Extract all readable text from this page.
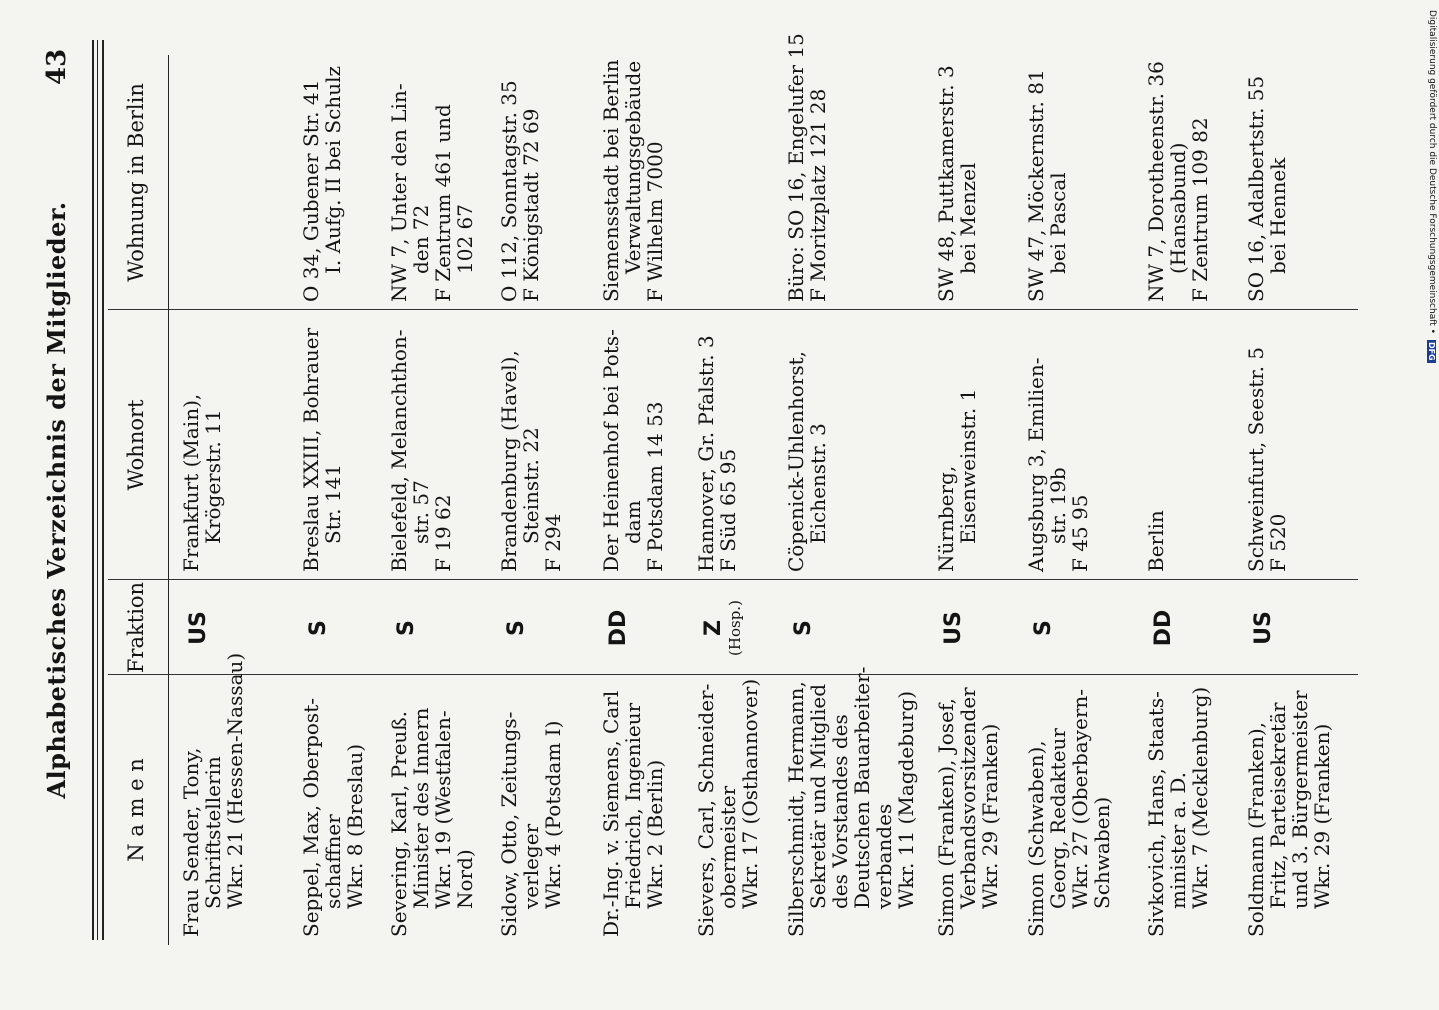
Alphabetisches Verzeichnis der Mitglieder.
43
N a m e n
Fraktion
Wohnort
Wohnung in Berlin
Frau Sender, Tony,
Schriftstellerin
Wkr. 21 (Hessen-Nassau)
US
Frankfurt (Main),
Krögerstr. 11
Seppel, Max, Oberpost-
schaffner
Wkr. 8 (Breslau)
S
Breslau XXIII, Bohrauer
Str. 141
O 34, Gubener Str. 41
I. Aufg. II bei Schulz
Severing, Karl, Preuß.
Minister des Innern
Wkr. 19 (Westfalen-
Nord)
S
Bielefeld, Melanchthon-
str. 57
F 19 62
NW 7, Unter den Lin-
den 72
F Zentrum 461 und
102 67
Sidow, Otto, Zeitungs-
verleger
Wkr. 4 (Potsdam I)
S
Brandenburg (Havel),
Steinstr. 22
F 294
O 112, Sonntagstr. 35
F Königstadt 72 69
Dr.-Ing. v. Siemens, Carl
Friedrich, Ingenieur
Wkr. 2 (Berlin)
DD
Der Heinenhof bei Pots-
dam
F Potsdam 14 53
Siemensstadt bei Berlin
Verwaltungsgebäude
F Wilhelm 7000
Sievers, Carl, Schneider-
obermeister
Wkr. 17 (Osthannover)
Z (Hosp.)
Hannover, Gr. Pfalstr. 3
F Süd 65 95
Silberschmidt, Hermann,
Sekretär und Mitglied
des Vorstandes des
Deutschen Bauarbeiter-
verbandes
Wkr. 11 (Magdeburg)
S
Cöpenick-Uhlenhorst,
Eichenstr. 3
Büro: SO 16, Engelufer 15
F Moritzplatz 121 28
Simon (Franken), Josef,
Verbandsvorsitzender
Wkr. 29 (Franken)
US
Nürnberg,
Eisenweinstr. 1
SW 48, Puttkamerstr. 3
bei Menzel
Simon (Schwaben),
Georg, Redakteur
Wkr. 27 (Oberbayern-
Schwaben)
S
Augsburg 3, Emilien-
str. 19b
F 45 95
SW 47, Möckernstr. 81
bei Pascal
Sivkovich, Hans, Staats-
minister a. D.
Wkr. 7 (Mecklenburg)
DD
Berlin
NW 7, Dorotheenstr. 36
(Hansabund)
F Zentrum 109 82
Soldmann (Franken),
Fritz, Parteisekretär
und 3. Bürgermeister
Wkr. 29 (Franken)
US
Schweinfurt, Seestr. 5
F 520
SO 16, Adalbertstr. 55
bei Hennek	Digitalisierung gefördert durch die Deutsche Forschungsgemeinschaft •
DFG
